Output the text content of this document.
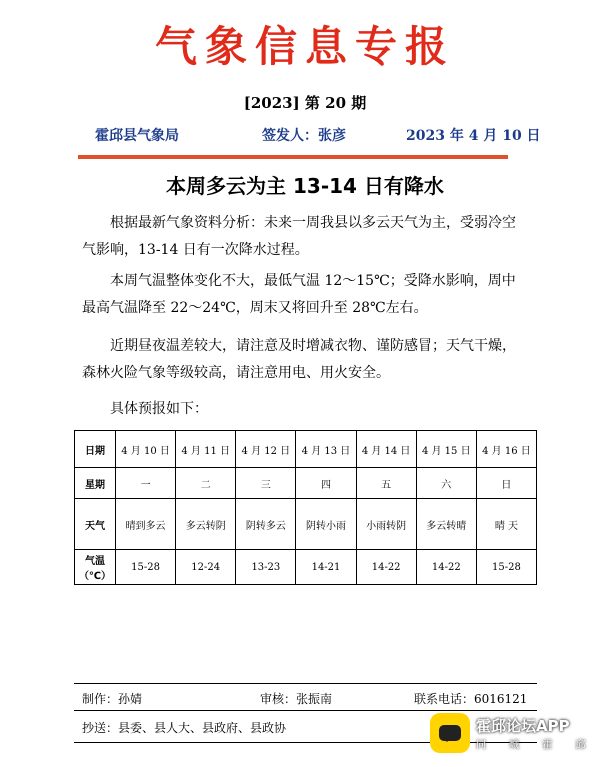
气象信息专报
[2023] 第 20 期
霍邱县气象局	签发人：张彦	2023 年 4 月 10 日
本周多云为主 13-14 日有降水
根据最新气象资料分析：未来一周我县以多云天气为主，受弱冷空气影响，13-14 日有一次降水过程。
本周气温整体变化不大，最低气温 12～15℃；受降水影响，周中最高气温降至 22～24℃，周末又将回升至 28℃左右。
近期昼夜温差较大，请注意及时增减衣物、谨防感冒；天气干燥，森林火险气象等级较高，请注意用电、用火安全。
具体预报如下：
日期	4 月 10 日	4 月 11 日	4 月 12 日	4 月 13 日	4 月 14 日	4 月 15 日	4 月 16 日
星期	一	二	三	四	五	六	日
天气	晴到多云	多云转阴	阴转多云	阴转小雨	小雨转阴	多云转晴	晴 天

气温
（℃）	15-28	12-24	13-23	14-21	14-22	14-22	15-28
制作：孙婧	审核：张振南	联系电话：6016121
抄送：县委、县人大、县政府、县政协	霍邱论坛APP
同 城 霍 邱
